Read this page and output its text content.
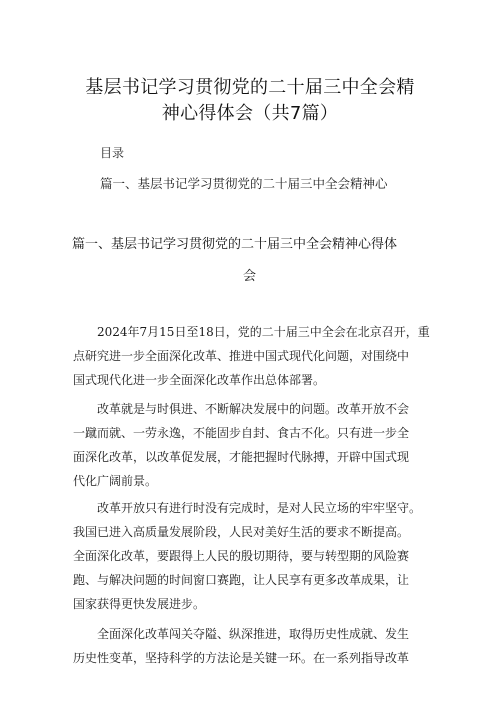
基层书记学习贯彻党的二十届三中全会精
神心得体会（共7篇）
目录
篇一、基层书记学习贯彻党的二十届三中全会精神心
篇一、基层书记学习贯彻党的二十届三中全会精神心得体
会
2024年7月15日至18日，党的二十届三中全会在北京召开，重
点研究进一步全面深化改革、推进中国式现代化问题，对围绕中
国式现代化进一步全面深化改革作出总体部署。
改革就是与时俱进、不断解决发展中的问题。改革开放不会
一蹴而就、一劳永逸，不能固步自封、食古不化。只有进一步全
面深化改革，以改革促发展，才能把握时代脉搏，开辟中国式现
代化广阔前景。
改革开放只有进行时没有完成时，是对人民立场的牢牢坚守。
我国已进入高质量发展阶段，人民对美好生活的要求不断提高。
全面深化改革，要跟得上人民的殷切期待，要与转型期的风险赛
跑、与解决问题的时间窗口赛跑，让人民享有更多改革成果，让
国家获得更快发展进步。
全面深化改革闯关夺隘、纵深推进，取得历史性成就、发生
历史性变革，坚持科学的方法论是关键一环。在一系列指导改革
